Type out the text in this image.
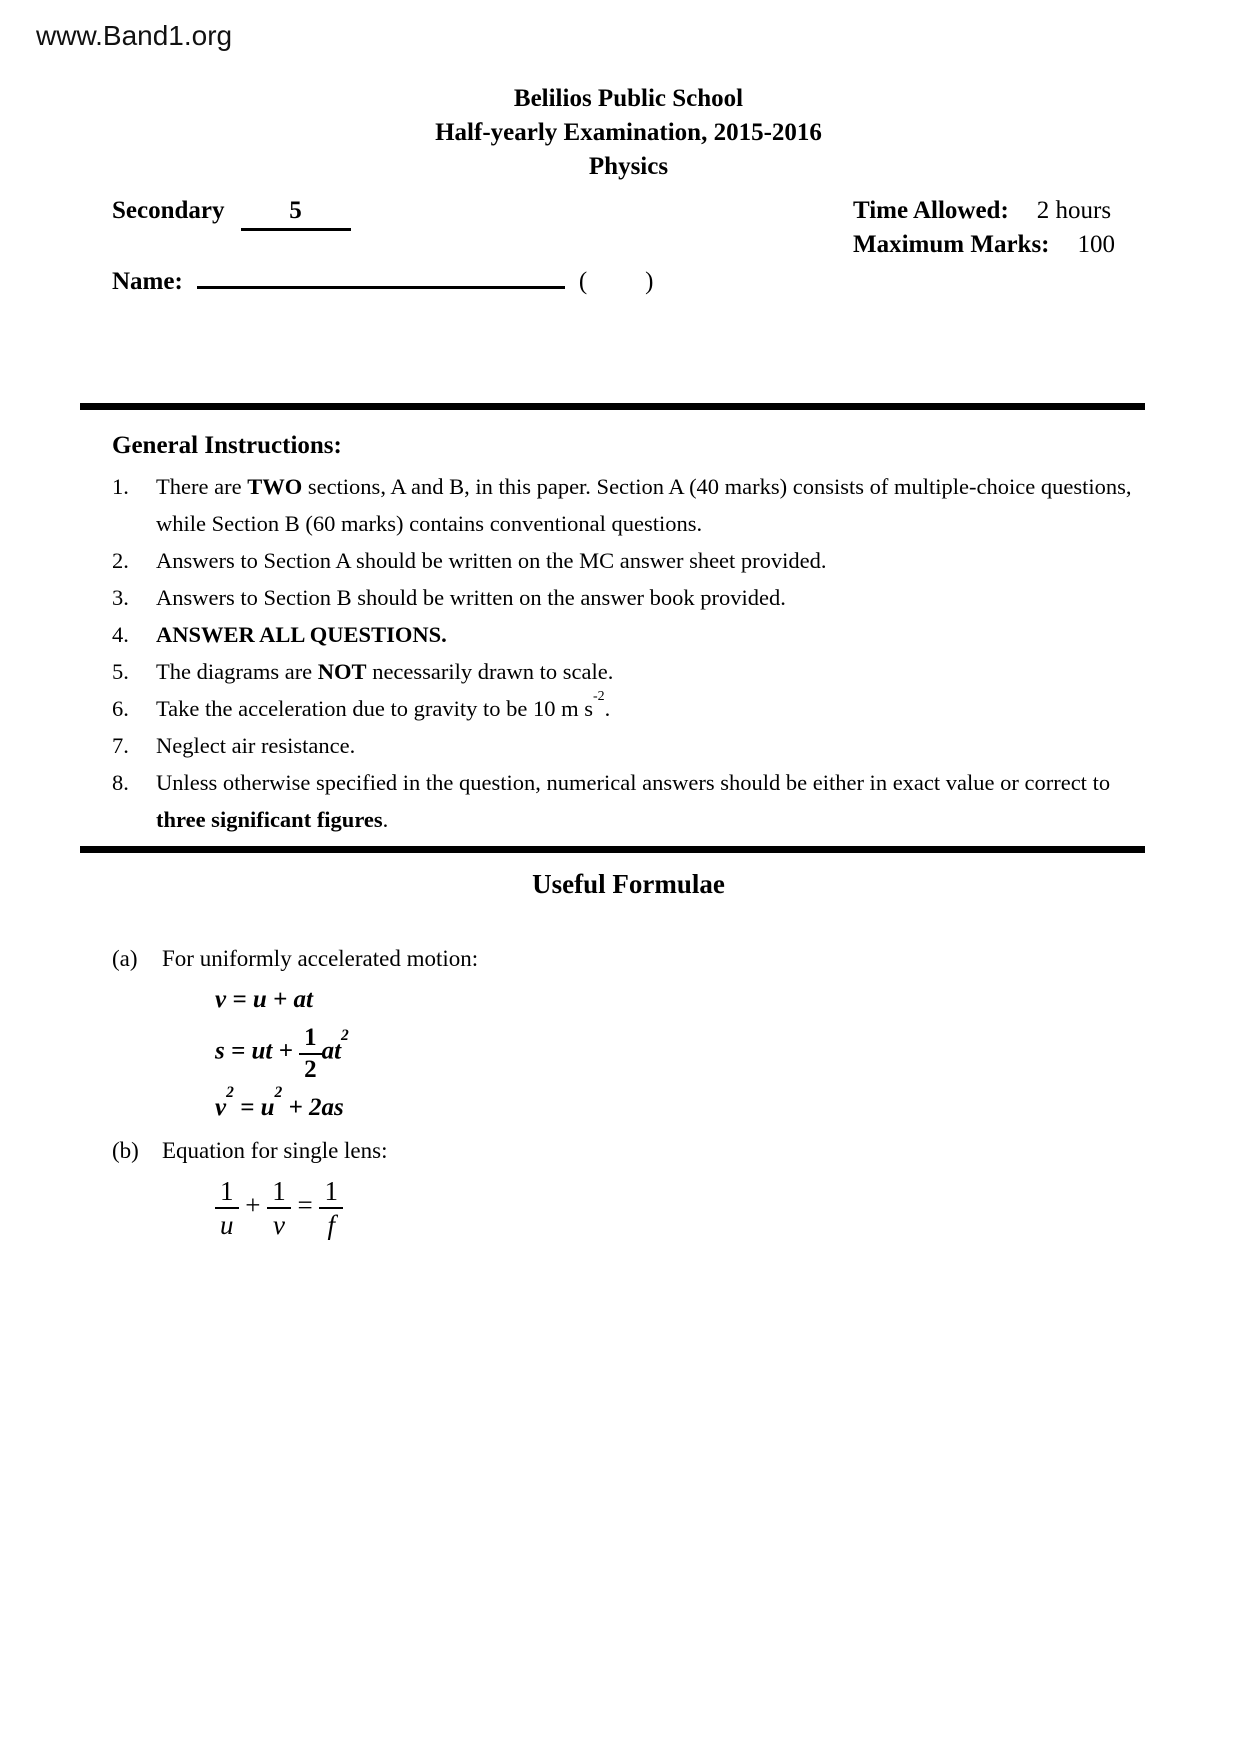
www.Band1.org
Belilios Public School
Half-yearly Examination, 2015-2016
Physics
Secondary	5	Time Allowed: 2 hours
Maximum Marks: 100
Name:	( )
General Instructions:
1.	There are TWO sections, A and B, in this paper. Section A (40 marks) consists of multiple-choice questions, while Section B (60 marks) contains conventional questions.
2.	Answers to Section A should be written on the MC answer sheet provided.
3.	Answers to Section B should be written on the answer book provided.
4.	ANSWER ALL QUESTIONS.
5.	The diagrams are NOT necessarily drawn to scale.
6.	Take the acceleration due to gravity to be 10 m $s^{-2}$.
7.	Neglect air resistance.
8.	Unless otherwise specified in the question, numerical answers should be either in exact value or correct to three significant figures.
Useful Formulae
(a)	For uniformly accelerated motion:
v = u + at
s = ut + $\frac{1}{2} at^2$
$v^2 = u^2 + 2as$
(b)	Equation for single lens:
$\frac{1}{u} + \frac{1}{v} = \frac{1}{f}$
